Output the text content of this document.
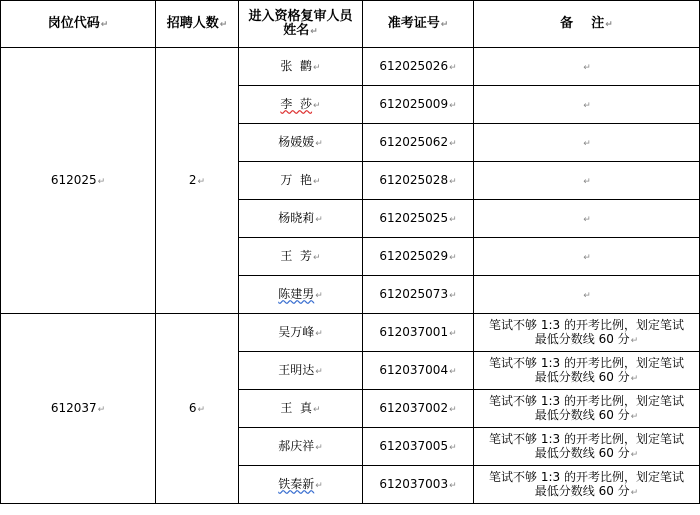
岗位代码↵	招聘人数↵	进入资格复审人员
姓名↵	准考证号↵	备    注↵
612025↵	2↵	张  鹳↵	612025026↵	↵
		李  莎↵	612025009↵	↵
		杨媛媛↵	612025062↵	↵
		万  艳↵	612025028↵	↵
		杨晓莉↵	612025025↵	↵
		王  芳↵	612025029↵	↵
		陈建男↵	612025073↵	↵
612037↵	6↵	吴万峰↵	612037001↵	笔试不够 1:3 的开考比例，划定笔试
最低分数线 60 分↵
		王明达↵	612037004↵	笔试不够 1:3 的开考比例，划定笔试
最低分数线 60 分↵
		王  真↵	612037002↵	笔试不够 1:3 的开考比例，划定笔试
最低分数线 60 分↵
		郝庆祥↵	612037005↵	笔试不够 1:3 的开考比例，划定笔试
最低分数线 60 分↵
		铁秦新↵	612037003↵	笔试不够 1:3 的开考比例，划定笔试
最低分数线 60 分↵
